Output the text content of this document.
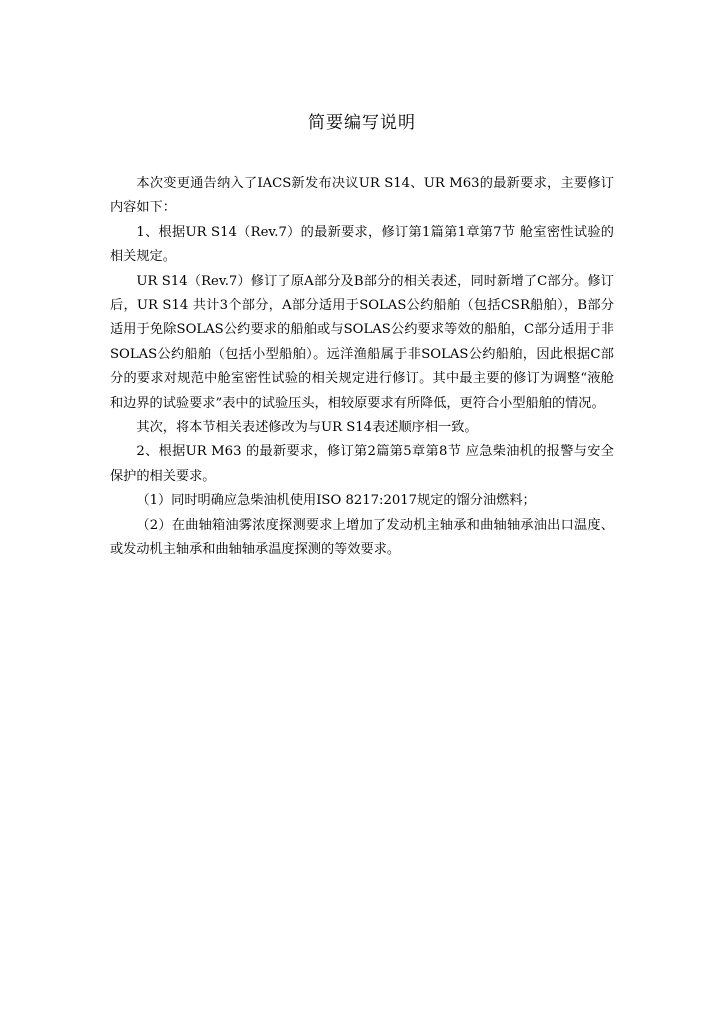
简要编写说明

本次变更通告纳入了IACS新发布决议UR S14、UR M63的最新要求，主要修订内容如下：

1、根据UR S14（Rev.7）的最新要求，修订第1篇第1章第7节 舱室密性试验的相关规定。

UR S14（Rev.7）修订了原A部分及B部分的相关表述，同时新增了C部分。修订后，UR S14 共计3个部分，A部分适用于SOLAS公约船舶（包括CSR船舶），B部分适用于免除SOLAS公约要求的船舶或与SOLAS公约要求等效的船舶，C部分适用于非SOLAS公约船舶（包括小型船舶）。远洋渔船属于非SOLAS公约船舶，因此根据C部分的要求对规范中舱室密性试验的相关规定进行修订。其中最主要的修订为调整“液舱和边界的试验要求”表中的试验压头，相较原要求有所降低，更符合小型船舶的情况。

其次，将本节相关表述修改为与UR S14表述顺序相一致。

2、根据UR M63 的最新要求，修订第2篇第5章第8节 应急柴油机的报警与安全保护的相关要求。

（1）同时明确应急柴油机使用ISO 8217:2017规定的馏分油燃料；

（2）在曲轴箱油雾浓度探测要求上增加了发动机主轴承和曲轴轴承油出口温度、或发动机主轴承和曲轴轴承温度探测的等效要求。
